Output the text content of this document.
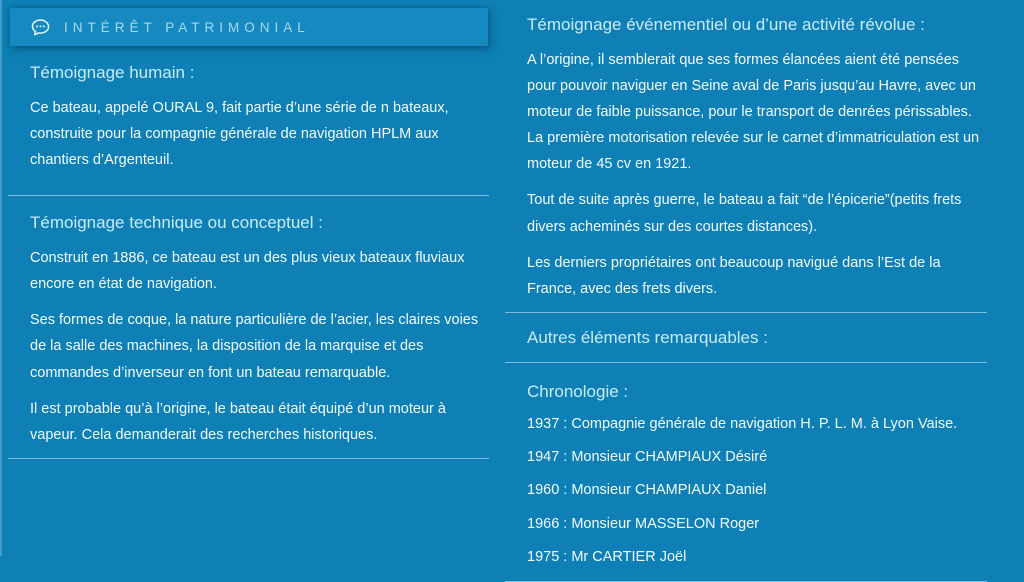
INTÉRÊT PATRIMONIAL
Témoignage humain :

Ce bateau, appelé OURAL 9, fait partie d’une série de n bateaux, construite pour la compagnie générale de navigation HPLM aux chantiers d’Argenteuil.

Témoignage technique ou conceptuel :

Construit en 1886, ce bateau est un des plus vieux bateaux fluviaux encore en état de navigation.

Ses formes de coque, la nature particulière de l’acier, les claires voies de la salle des machines, la disposition de la marquise et des commandes d’inverseur en font un bateau remarquable.

Il est probable qu’à l’origine, le bateau était équipé d’un moteur à vapeur. Cela demanderait des recherches historiques.

Témoignage événementiel ou d’une activité révolue :

A l’origine, il semblerait que ses formes élancées aient été pensées pour pouvoir naviguer en Seine aval de Paris jusqu’au Havre, avec un moteur de faible puissance, pour le transport de denrées périssables. La première motorisation relevée sur le carnet d’immatriculation est un moteur de 45 cv en 1921.

Tout de suite après guerre, le bateau a fait “de l’épicerie”(petits frets divers acheminés sur des courtes distances).

Les derniers propriétaires ont beaucoup navigué dans l’Est de la France, avec des frets divers.

Autres éléments remarquables :
Chronologie :

1937 : Compagnie générale de navigation H. P. L. M. à Lyon Vaise.

1947 : Monsieur CHAMPIAUX Désiré

1960 : Monsieur CHAMPIAUX Daniel

1966 : Monsieur MASSELON Roger

1975 : Mr CARTIER Joël
